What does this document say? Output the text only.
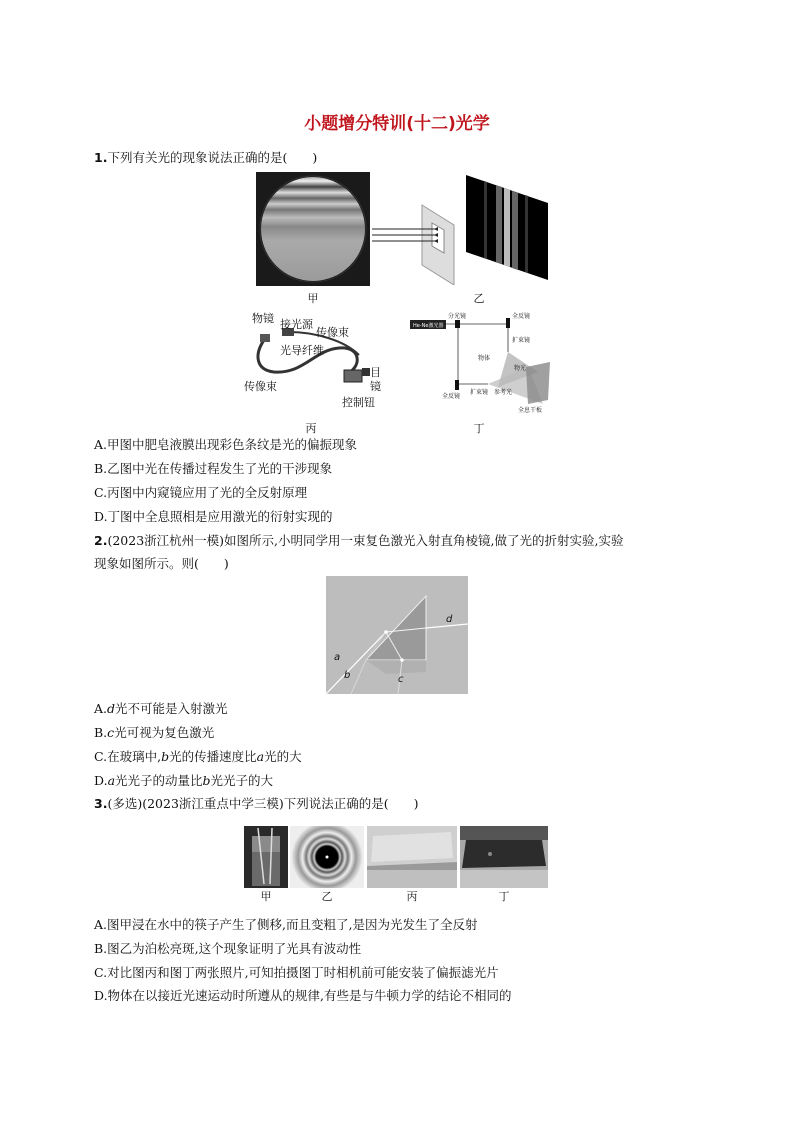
小题增分特训(十二)光学
1.下列有关光的现象说法正确的是(　　)
甲	乙
物镜 接光源
传像束
光导纤维
目
镜
传像束
控制钮
丙
He-Ne激光器
分光镜	全反镜
扩束镜
物体
物光
全反镜
扩束镜 参考光
全息干板
丁
A.甲图中肥皂液膜出现彩色条纹是光的偏振现象
B.乙图中光在传播过程发生了光的干涉现象
C.丙图中内窥镜应用了光的全反射原理
D.丁图中全息照相是应用激光的衍射实现的
2.(2023浙江杭州一模)如图所示,小明同学用一束复色激光入射直角棱镜,做了光的折射实验,实验
现象如图所示。则(　　)
a
b	c
d
A.d光不可能是入射激光
B.c光可视为复色激光
C.在玻璃中,b光的传播速度比a光的大
D.a光光子的动量比b光光子的大
3.(多选)(2023浙江重点中学三模)下列说法正确的是(　　)
甲	乙	丙	丁
A.图甲浸在水中的筷子产生了侧移,而且变粗了,是因为光发生了全反射
B.图乙为泊松亮斑,这个现象证明了光具有波动性
C.对比图丙和图丁两张照片,可知拍摄图丁时相机前可能安装了偏振滤光片
D.物体在以接近光速运动时所遵从的规律,有些是与牛顿力学的结论不相同的
